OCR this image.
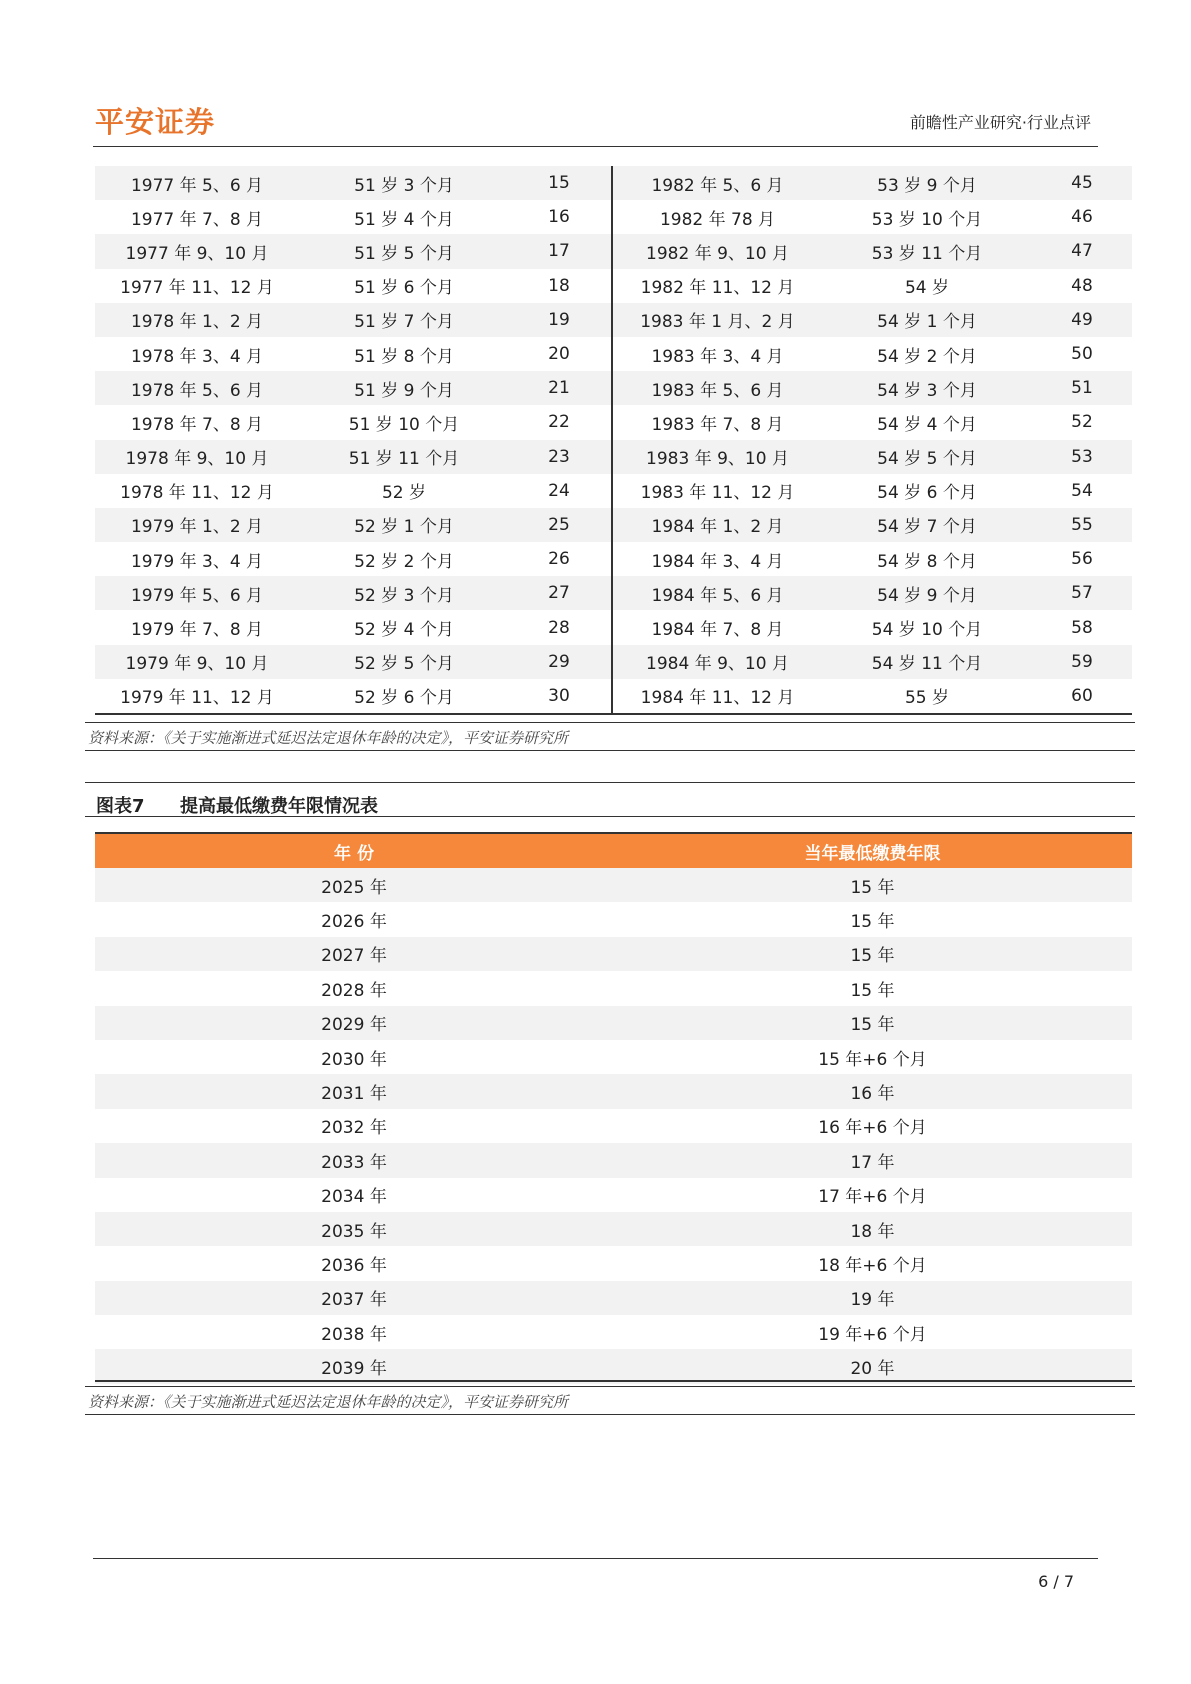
平安证券	前瞻性产业研究·行业点评
1977 年 5、6 月	51 岁 3 个月	15	1982 年 5、6 月	53 岁 9 个月	45
1977 年 7、8 月	51 岁 4 个月	16	1982 年 78 月	53 岁 10 个月	46
1977 年 9、10 月	51 岁 5 个月	17	1982 年 9、10 月	53 岁 11 个月	47
1977 年 11、12 月	51 岁 6 个月	18	1982 年 11、12 月	54 岁	48
1978 年 1、2 月	51 岁 7 个月	19	1983 年 1 月、2 月	54 岁 1 个月	49
1978 年 3、4 月	51 岁 8 个月	20	1983 年 3、4 月	54 岁 2 个月	50
1978 年 5、6 月	51 岁 9 个月	21	1983 年 5、6 月	54 岁 3 个月	51
1978 年 7、8 月	51 岁 10 个月	22	1983 年 7、8 月	54 岁 4 个月	52
1978 年 9、10 月	51 岁 11 个月	23	1983 年 9、10 月	54 岁 5 个月	53
1978 年 11、12 月	52 岁	24	1983 年 11、12 月	54 岁 6 个月	54
1979 年 1、2 月	52 岁 1 个月	25	1984 年 1、2 月	54 岁 7 个月	55
1979 年 3、4 月	52 岁 2 个月	26	1984 年 3、4 月	54 岁 8 个月	56
1979 年 5、6 月	52 岁 3 个月	27	1984 年 5、6 月	54 岁 9 个月	57
1979 年 7、8 月	52 岁 4 个月	28	1984 年 7、8 月	54 岁 10 个月	58
1979 年 9、10 月	52 岁 5 个月	29	1984 年 9、10 月	54 岁 11 个月	59
1979 年 11、12 月	52 岁 6 个月	30	1984 年 11、12 月	55 岁	60
资料来源：《关于实施渐进式延迟法定退休年龄的决定》，平安证券研究所
图表7 提高最低缴费年限情况表
年 份	当年最低缴费年限
2025 年	15 年
2026 年	15 年
2027 年	15 年
2028 年	15 年
2029 年	15 年
2030 年	15 年+6 个月
2031 年	16 年
2032 年	16 年+6 个月
2033 年	17 年
2034 年	17 年+6 个月
2035 年	18 年
2036 年	18 年+6 个月
2037 年	19 年
2038 年	19 年+6 个月
2039 年	20 年
资料来源：《关于实施渐进式延迟法定退休年龄的决定》，平安证券研究所
6 / 7
